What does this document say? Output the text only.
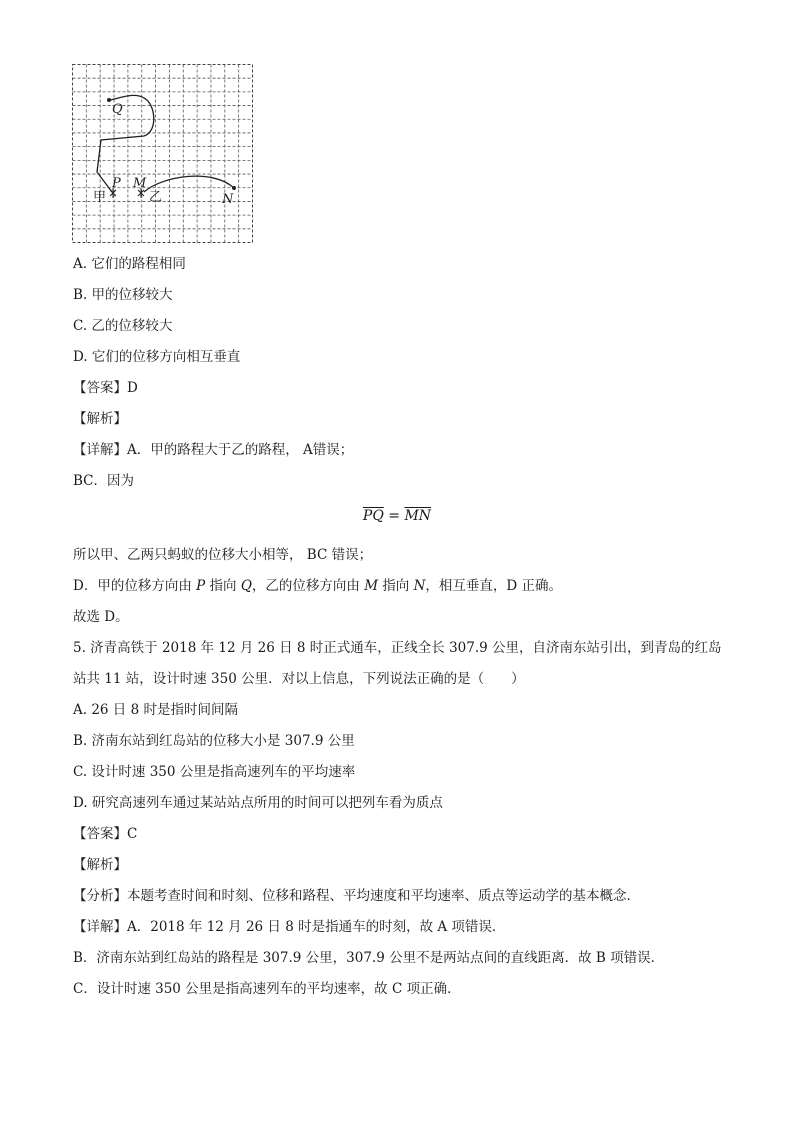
Q
P M
N
甲	乙
A. 它们的路程相同
B. 甲的位移较大
C. 乙的位移较大
D. 它们的位移方向相互垂直
【答案】D
【解析】
【详解】A．甲的路程大于乙的路程， A错误；
BC．因为
$\overline{PQ} = \overline{MN}$
所以甲、乙两只蚂蚁的位移大小相等， BC 错误；
D．甲的位移方向由 P 指向 Q，乙的位移方向由 M 指向 N，相互垂直，D 正确。
故选 D。
5. 济青高铁于 2018 年 12 月 26 日 8 时正式通车，正线全长 307.9 公里，自济南东站引出，到青岛的红岛
站共 11 站，设计时速 350 公里．对以上信息，下列说法正确的是（　　）
A. 26 日 8 时是指时间间隔
B. 济南东站到红岛站的位移大小是 307.9 公里
C. 设计时速 350 公里是指高速列车的平均速率
D. 研究高速列车通过某站站点所用的时间可以把列车看为质点
【答案】C
【解析】
【分析】本题考查时间和时刻、位移和路程、平均速度和平均速率、质点等运动学的基本概念．
【详解】A．2018 年 12 月 26 日 8 时是指通车的时刻，故 A 项错误．
B．济南东站到红岛站的路程是 307.9 公里，307.9 公里不是两站点间的直线距离．故 B 项错误．
C．设计时速 350 公里是指高速列车的平均速率，故 C 项正确．
